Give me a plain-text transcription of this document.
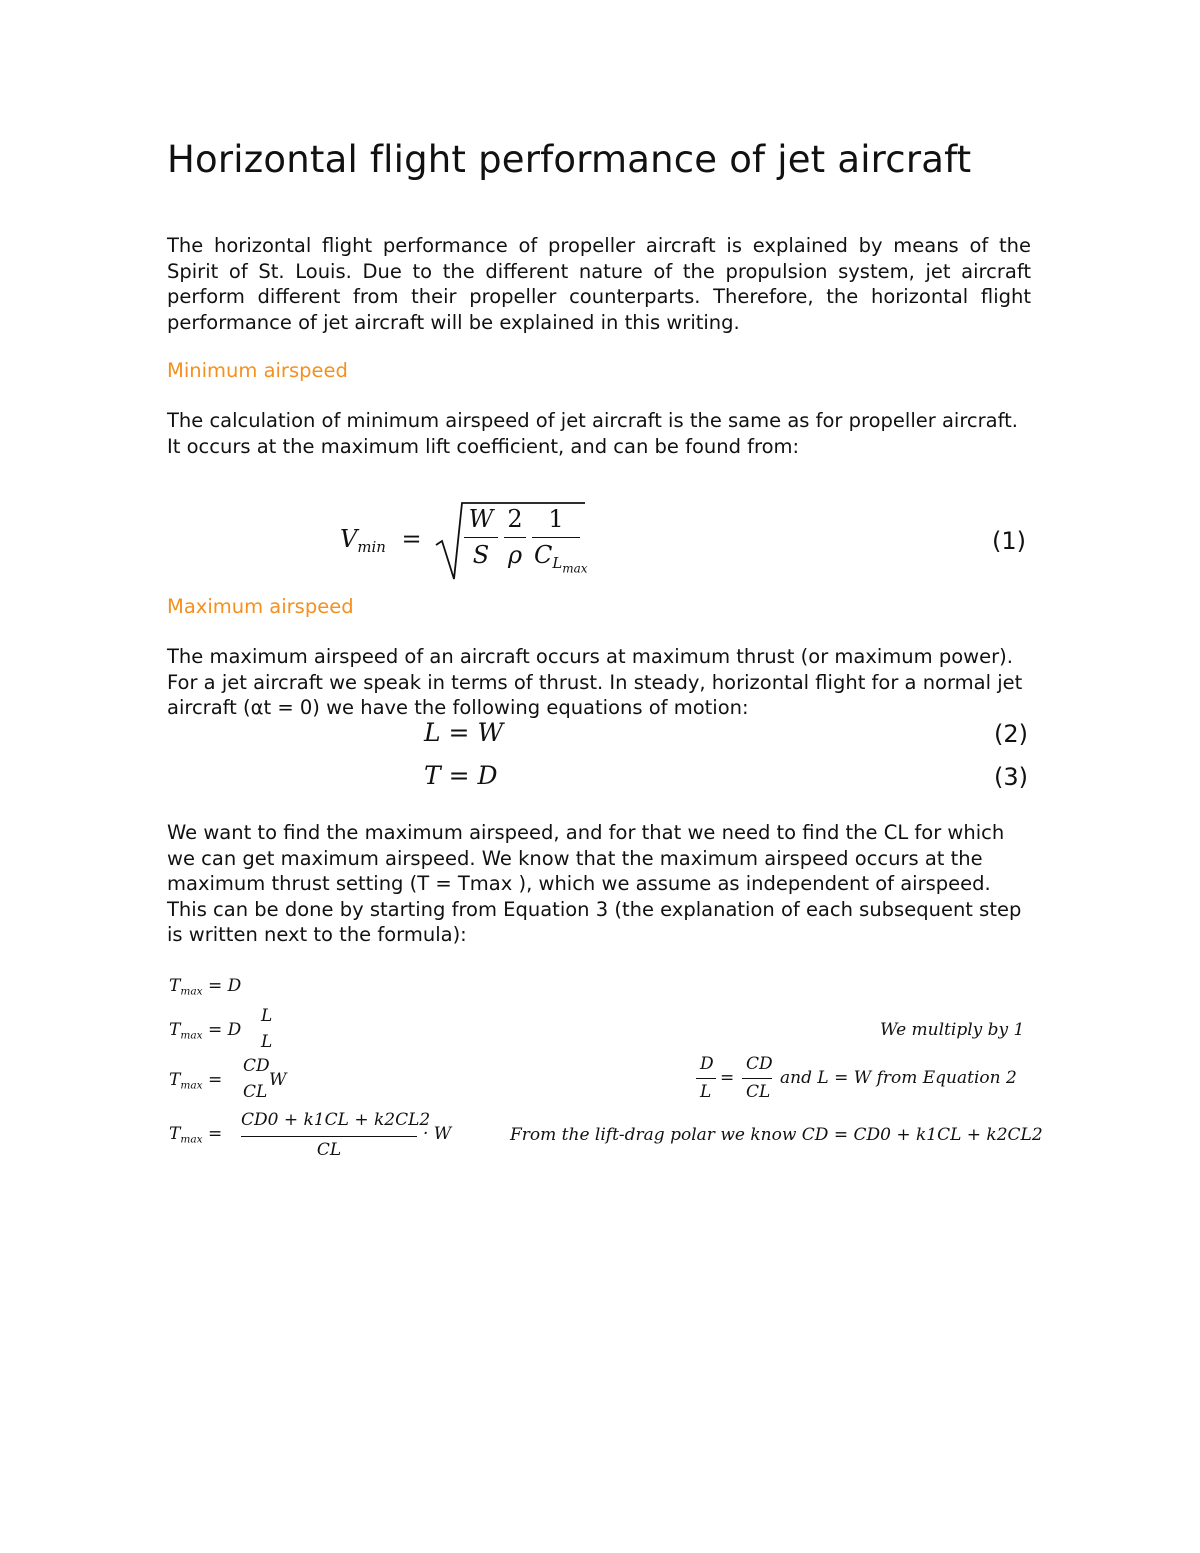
Horizontal flight performance of jet aircraft

The horizontal flight performance of propeller aircraft is explained by means of the Spirit of St. Louis. Due to the different nature of the propulsion system, jet aircraft perform different from their propeller counterparts. Therefore, the horizontal flight performance of jet aircraft will be explained in this writing.

Minimum airspeed

The calculation of minimum airspeed of jet aircraft is the same as for propeller aircraft. It occurs at the maximum lift coefficient, and can be found from:

$V_{min}$ =
W
S
2
ρ
1
$C_{Lmax}$
(1)

Maximum airspeed

The maximum airspeed of an aircraft occurs at maximum thrust (or maximum power). For a jet aircraft we speak in terms of thrust. In steady, horizontal flight for a normal jet aircraft (αt = 0) we have the following equations of motion:

L = W	(2)
T = D	(3)

We want to find the maximum airspeed, and for that we need to find the CL for which we can get maximum airspeed. We know that the maximum airspeed occurs at the maximum thrust setting (T = Tmax ), which we assume as independent of airspeed. This can be done by starting from Equation 3 (the explanation of each subsequent step is written next to the formula):

$T_{max} = D$
$T_{max} = D$
L
L
We multiply by 1
$T_{max}$ =
CD
CL
W
D
L
=
CD
CL
and L = W from Equation 2
$T_{max}$ =
CD0 + k1CL + k2CL2
CL
· W	From the lift-drag polar we know CD = CD0 + k1CL + k2CL2
